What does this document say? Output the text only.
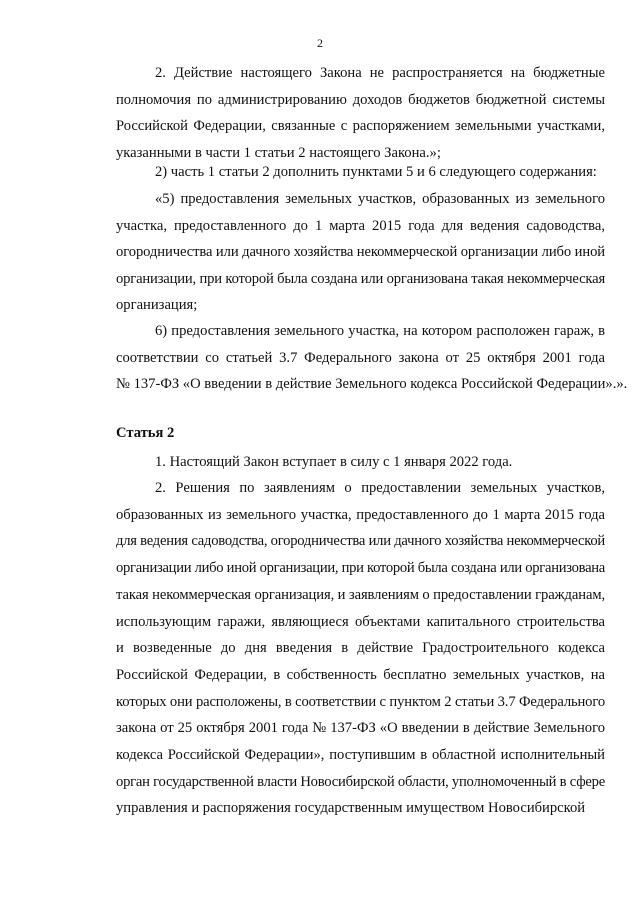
2

2. Действие настоящего Закона не распространяется на бюджетные
полномочия по администрированию доходов бюджетов бюджетной системы
Российской Федерации, связанные с распоряжением земельными участками,
указанными в части 1 статьи 2 настоящего Закона.»;

2) часть 1 статьи 2 дополнить пунктами 5 и 6 следующего содержания:

«5) предоставления земельных участков, образованных из земельного
участка, предоставленного до 1 марта 2015 года для ведения садоводства,
огородничества или дачного хозяйства некоммерческой организации либо иной
организации, при которой была создана или организована такая некоммерческая
организация;

6) предоставления земельного участка, на котором расположен гараж, в
соответствии со статьей 3.7 Федерального закона от 25 октября 2001 года
№ 137-ФЗ «О введении в действие Земельного кодекса Российской Федерации».».

Статья 2

1. Настоящий Закон вступает в силу с 1 января 2022 года.

2. Решения по заявлениям о предоставлении земельных участков,
образованных из земельного участка, предоставленного до 1 марта 2015 года
для ведения садоводства, огородничества или дачного хозяйства некоммерческой
организации либо иной организации, при которой была создана или организована
такая некоммерческая организация, и заявлениям о предоставлении гражданам,
использующим гаражи, являющиеся объектами капитального строительства
и возведенные до дня введения в действие Градостроительного кодекса
Российской Федерации, в собственность бесплатно земельных участков, на
которых они расположены, в соответствии с пунктом 2 статьи 3.7 Федерального
закона от 25 октября 2001 года № 137-ФЗ «О введении в действие Земельного
кодекса Российской Федерации», поступившим в областной исполнительный
орган государственной власти Новосибирской области, уполномоченный в сфере
управления и распоряжения государственным имуществом Новосибирской
